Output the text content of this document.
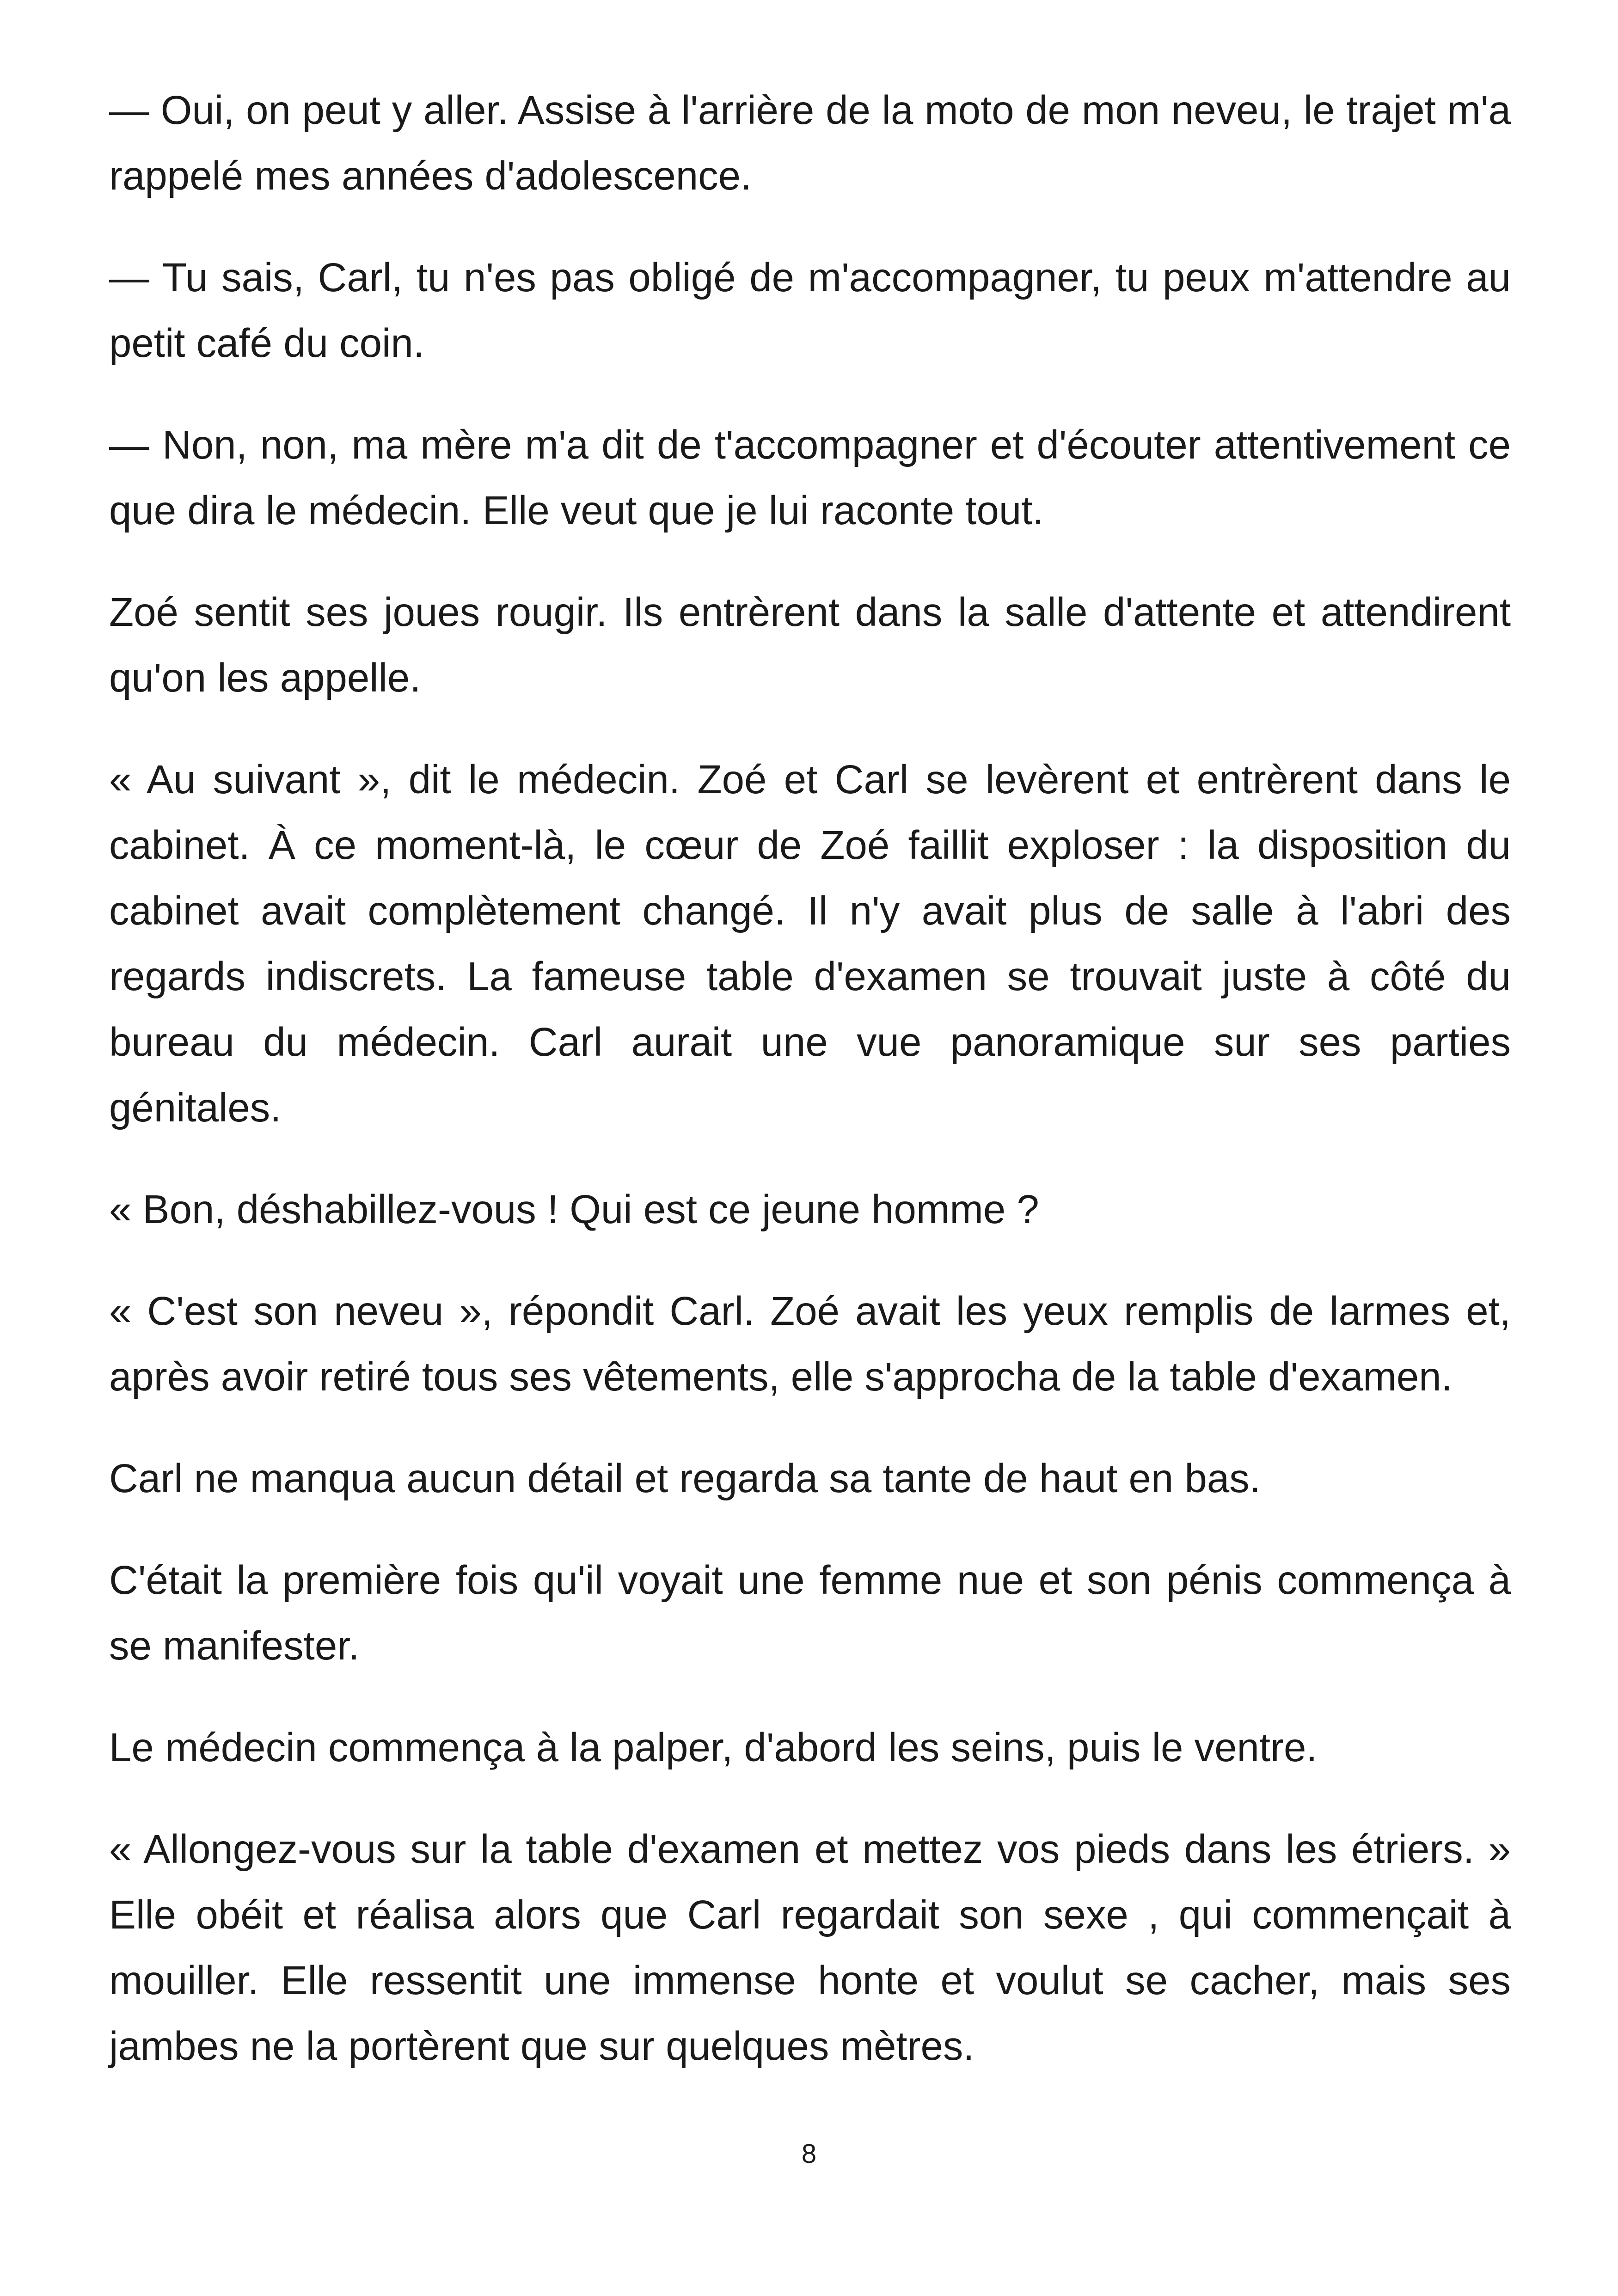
— Oui, on peut y aller. Assise à l'arrière de la moto de mon neveu, le trajet m'a rappelé mes années d'adolescence.

— Tu sais, Carl, tu n'es pas obligé de m'accompagner, tu peux m'attendre au petit café du coin.

— Non, non, ma mère m'a dit de t'accompagner et d'écouter attentivement ce que dira le médecin. Elle veut que je lui raconte tout.

Zoé sentit ses joues rougir. Ils entrèrent dans la salle d'attente et attendirent qu'on les appelle.

« Au suivant », dit le médecin. Zoé et Carl se levèrent et entrèrent dans le cabinet. À ce moment-là, le cœur de Zoé faillit exploser : la disposition du cabinet avait complètement changé. Il n'y avait plus de salle à l'abri des regards indiscrets. La fameuse table d'examen se trouvait juste à côté du bureau du médecin. Carl aurait une vue panoramique sur ses parties génitales.

« Bon, déshabillez-vous ! Qui est ce jeune homme ?

« C'est son neveu », répondit Carl. Zoé avait les yeux remplis de larmes et, après avoir retiré tous ses vêtements, elle s'approcha de la table d'examen.

Carl ne manqua aucun détail et regarda sa tante de haut en bas.

C'était la première fois qu'il voyait une femme nue et son pénis commença à se manifester.

Le médecin commença à la palper, d'abord les seins, puis le ventre.

« Allongez-vous sur la table d'examen et mettez vos pieds dans les étriers. » Elle obéit et réalisa alors que Carl regardait son sexe , qui commençait à mouiller. Elle ressentit une immense honte et voulut se cacher, mais ses jambes ne la portèrent que sur quelques mètres.

8
